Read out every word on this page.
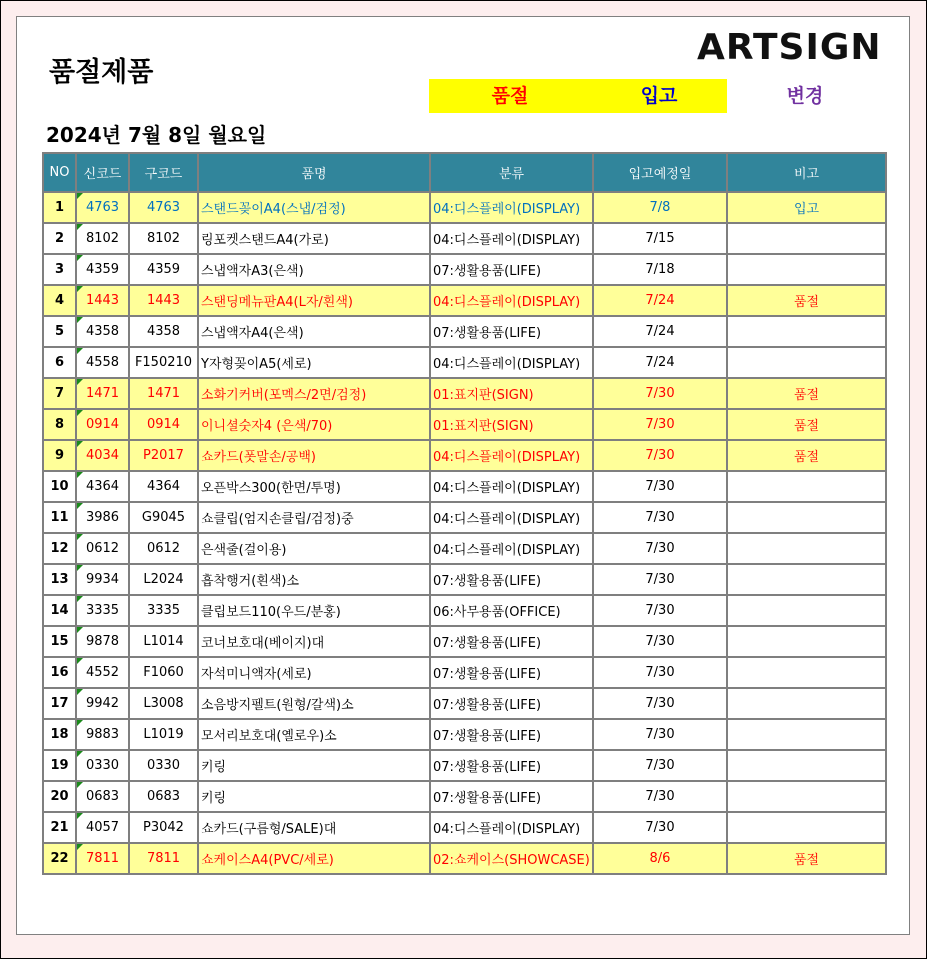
품절제품
ARTSIGN
품절	입고	변경
2024년 7월 8일 월요일
NO	신코드	구코드	품명	분류	입고예정일	비고
1	4763	4763	스탠드꽂이A4(스냅/검정)	04:디스플레이(DISPLAY)	7/8	입고
2	8102	8102	링포켓스탠드A4(가로)	04:디스플레이(DISPLAY)	7/15	
3	4359	4359	스냅액자A3(은색)	07:생활용품(LIFE)	7/18	
4	1443	1443	스탠딩메뉴판A4(L자/흰색)	04:디스플레이(DISPLAY)	7/24	품절
5	4358	4358	스냅액자A4(은색)	07:생활용품(LIFE)	7/24	
6	4558	F150210	Y자형꽂이A5(세로)	04:디스플레이(DISPLAY)	7/24	
7	1471	1471	소화기커버(포멕스/2면/검정)	01:표지판(SIGN)	7/30	품절
8	0914	0914	이니셜숫자4 (은색/70)	01:표지판(SIGN)	7/30	품절
9	4034	P2017	쇼카드(폿말손/공백)	04:디스플레이(DISPLAY)	7/30	품절
10	4364	4364	오픈박스300(한면/투명)	04:디스플레이(DISPLAY)	7/30	
11	3986	G9045	쇼클립(엄지손클립/검정)중	04:디스플레이(DISPLAY)	7/30	
12	0612	0612	은색줄(걸이용)	04:디스플레이(DISPLAY)	7/30	
13	9934	L2024	흡착행거(흰색)소	07:생활용품(LIFE)	7/30	
14	3335	3335	클립보드110(우드/분홍)	06:사무용품(OFFICE)	7/30	
15	9878	L1014	코너보호대(베이지)대	07:생활용품(LIFE)	7/30	
16	4552	F1060	자석미니액자(세로)	07:생활용품(LIFE)	7/30	
17	9942	L3008	소음방지펠트(원형/갈색)소	07:생활용품(LIFE)	7/30	
18	9883	L1019	모서리보호대(옐로우)소	07:생활용품(LIFE)	7/30	
19	0330	0330	키링	07:생활용품(LIFE)	7/30	
20	0683	0683	키링	07:생활용품(LIFE)	7/30	
21	4057	P3042	쇼카드(구름형/SALE)대	04:디스플레이(DISPLAY)	7/30	
22	7811	7811	쇼케이스A4(PVC/세로)	02:쇼케이스(SHOWCASE)	8/6	품절
